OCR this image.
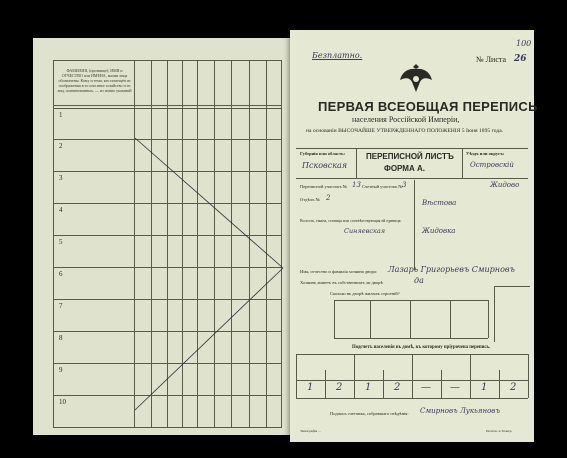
ФАМИЛИЯ, (прозвище), ИМЯ и ОТЧЕСТВО или ИМЕНА, коими лица обозначены. Кому и теми, кто помещён из соображения в то или иное хозяйство и из лиц, поименованных, — из ихних указаний
1
2
3
4
5
6
7
8
9
10
Безплатно.	№ Листа 26
100
ПЕРВАЯ ВСЕОБЩАЯ ПЕРЕПИСЬ
населения Россійской Имперіи,
на основаніи ВЫСОЧАЙШЕ УТВЕРЖДЕННАГО ПОЛОЖЕНІЯ 5 Іюня 1895 года.
Губернія или область:
Псковская
ПЕРЕПИСНОЙ ЛИСТЪ
ФОРМА А.
Уѣздъ или округъ:
Островскій
Переписной участокъ № 13 Счетный участокъ № 3
Отдѣлъ № 2
Жидово
Вѣстова
Волость, гмина, станица или соотвѣтствующая ей единица:
Синяевская	Жидовка
Имя, отчество и фамилія хозяина двора: Лазарь Григорьевъ Смирновъ
Хозяинъ живетъ въ собственномъ ли дворѣ	да
Сколько въ дворѣ жилыхъ строеній?
Подсчетъ населенія въ домѣ, къ которому пріурочена перепись.
1 2 1 2 — — 1 2
Подпись счетчика, собравшаго свѣдѣнія: Смирновъ Лукьяновъ
Типографія ...	Почтов. и Телегр.
